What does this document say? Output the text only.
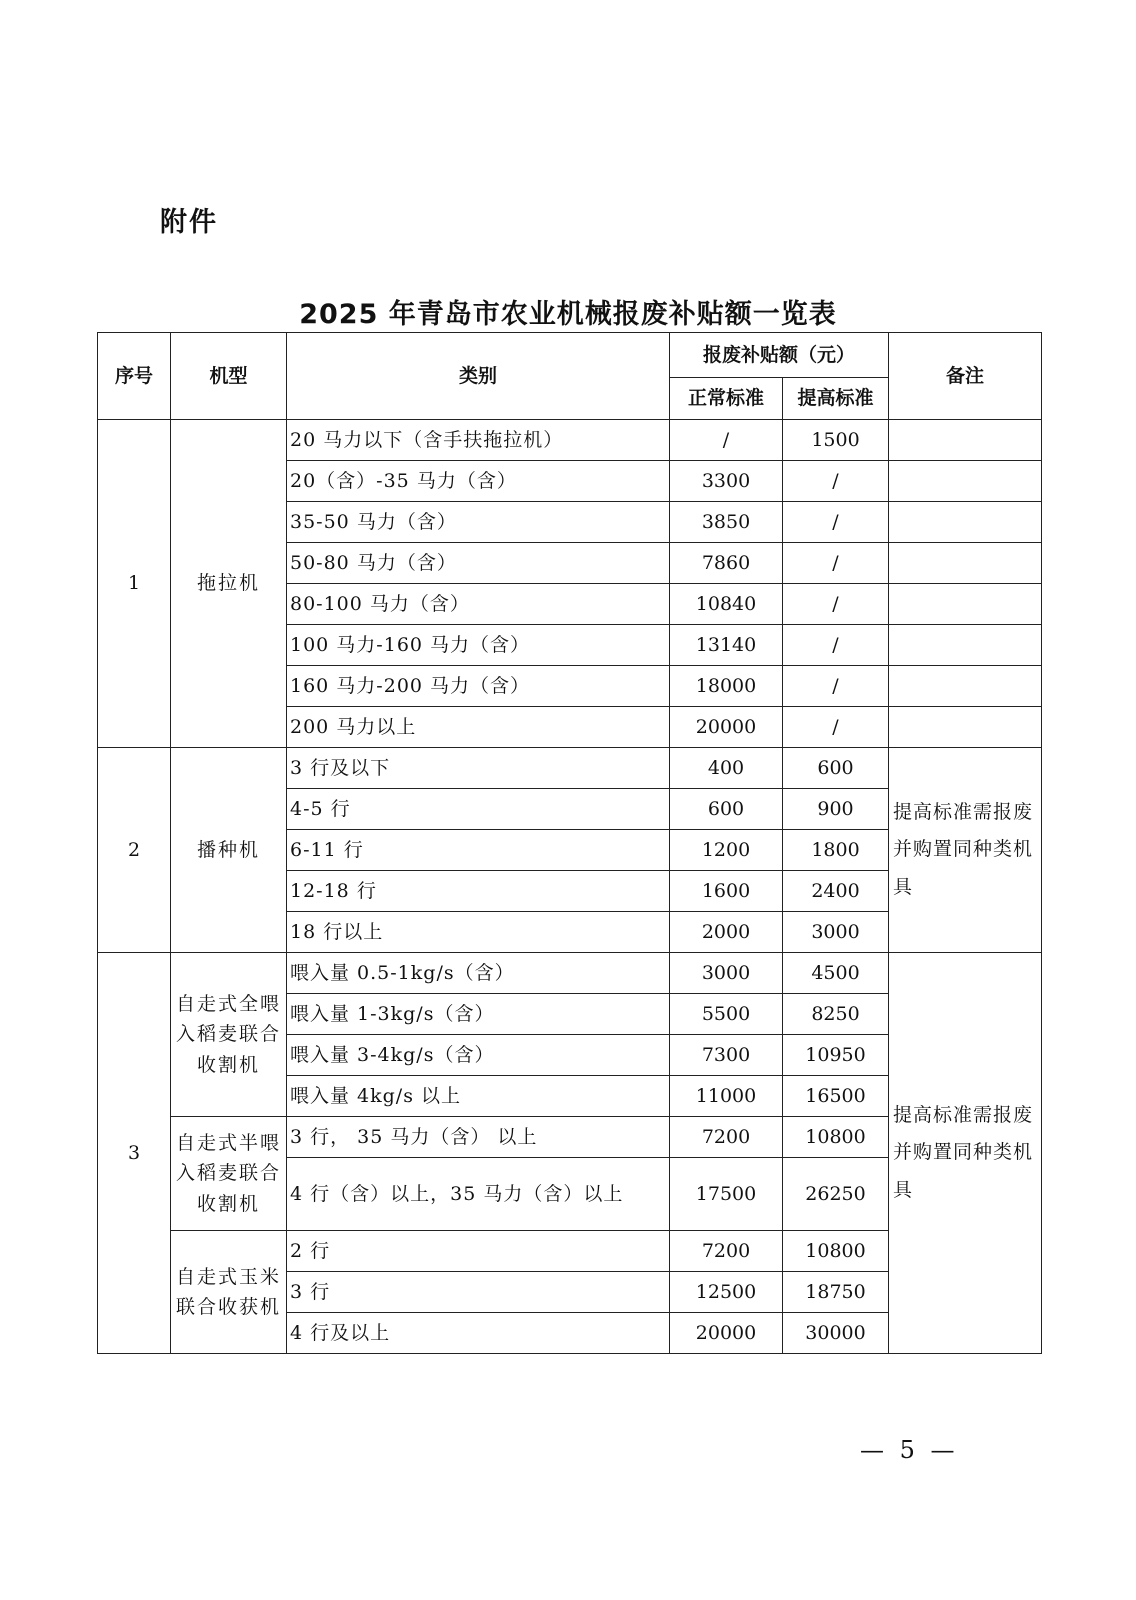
附件
2025 年青岛市农业机械报废补贴额一览表
序号	机型	类别	报废补贴额（元）		备注
			正常标准	提高标准	
1	拖拉机	20 马力以下（含手扶拖拉机）	/	1500	
		20（含）-35 马力（含）	3300	/	
		35-50 马力（含）	3850	/	
		50-80 马力（含）	7860	/	
		80-100 马力（含）	10840	/	
		100 马力-160 马力（含）	13140	/	
		160 马力-200 马力（含）	18000	/	
		200 马力以上	20000	/	
2	播种机	3 行及以下	400	600	提高标准需报废并购置同种类机具
		4-5 行	600	900	
		6-11 行	1200	1800	
		12-18 行	1600	2400	
		18 行以上	2000	3000	
3	自走式全喂入稻麦联合收割机	喂入量 0.5-1kg/s（含）	3000	4500	提高标准需报废并购置同种类机具
		喂入量 1-3kg/s（含）	5500	8250	
		喂入量 3-4kg/s（含）	7300	10950	
		喂入量 4kg/s 以上	11000	16500	
	自走式半喂入稻麦联合收割机	3 行， 35 马力（含） 以上	7200	10800	
		4 行（含）以上，35 马力（含）以上	17500	26250	
	自走式玉米联合收获机	2 行	7200	10800	
		3 行	12500	18750	
		4 行及以上	20000	30000	
— 5 —
